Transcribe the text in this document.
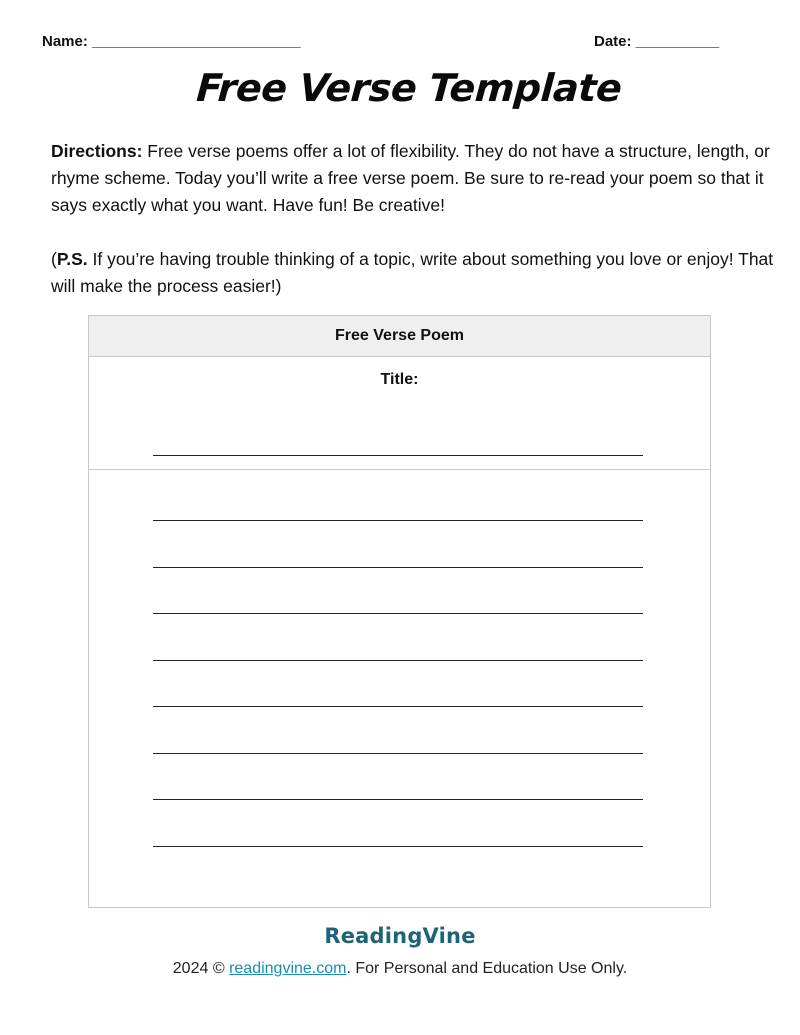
Name: _________________________	Date: __________
Free Verse Template

Directions: Free verse poems offer a lot of flexibility. They do not have a structure, length, or rhyme scheme. Today you’ll write a free verse poem. Be sure to re-read your poem so that it says exactly what you want. Have fun! Be creative!

(P.S. If you’re having trouble thinking of a topic, write about something you love or enjoy! That will make the process easier!)

Free Verse Poem
Title:
ReadingVine
2024 © readingvine.com. For Personal and Education Use Only.
